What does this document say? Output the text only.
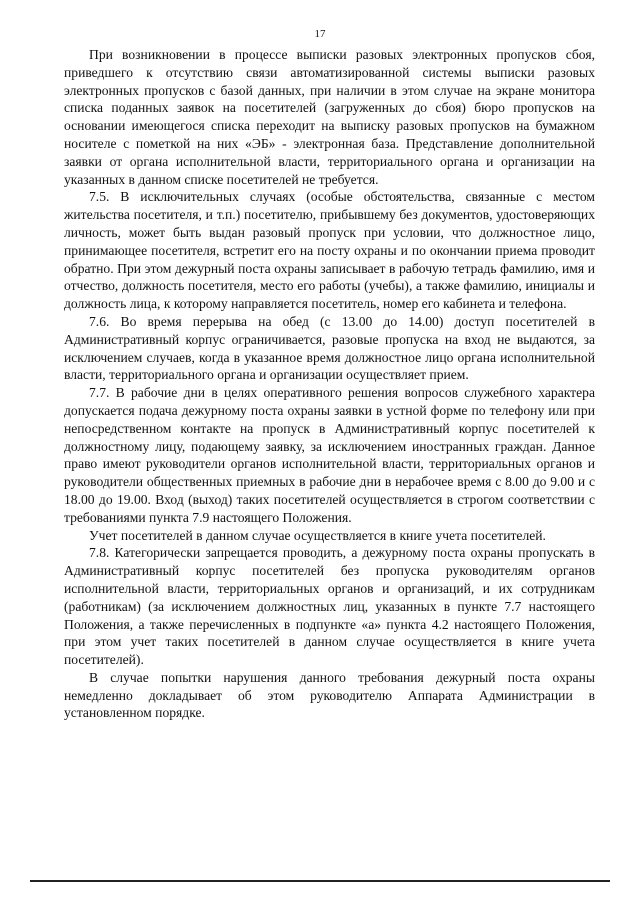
17

При возникновении в процессе выписки разовых электронных пропусков сбоя, приведшего к отсутствию связи автоматизированной системы выписки разовых электронных пропусков с базой данных, при наличии в этом случае на экране монитора списка поданных заявок на посетителей (загруженных до сбоя) бюро пропусков на основании имеющегося списка переходит на выписку разовых пропусков на бумажном носителе с пометкой на них «ЭБ» - электронная база. Представление дополнительной заявки от органа исполнительной власти, территориального органа и организации на указанных в данном списке посетителей не требуется.

7.5. В исключительных случаях (особые обстоятельства, связанные с местом жительства посетителя, и т.п.) посетителю, прибывшему без документов, удостоверяющих личность, может быть выдан разовый пропуск при условии, что должностное лицо, принимающее посетителя, встретит его на посту охраны и по окончании приема проводит обратно. При этом дежурный поста охраны записывает в рабочую тетрадь фамилию, имя и отчество, должность посетителя, место его работы (учебы), а также фамилию, инициалы и должность лица, к которому направляется посетитель, номер его кабинета и телефона.

7.6. Во время перерыва на обед (с 13.00 до 14.00) доступ посетителей в Административный корпус ограничивается, разовые пропуска на вход не выдаются, за исключением случаев, когда в указанное время должностное лицо органа исполнительной власти, территориального органа и организации осуществляет прием.

7.7. В рабочие дни в целях оперативного решения вопросов служебного характера допускается подача дежурному поста охраны заявки в устной форме по телефону или при непосредственном контакте на пропуск в Административный корпус посетителей к должностному лицу, подающему заявку, за исключением иностранных граждан. Данное право имеют руководители органов исполнительной власти, территориальных органов и руководители общественных приемных в рабочие дни в нерабочее время с 8.00 до 9.00 и с 18.00 до 19.00. Вход (выход) таких посетителей осуществляется в строгом соответствии с требованиями пункта 7.9 настоящего Положения.

Учет посетителей в данном случае осуществляется в книге учета посетителей.

7.8. Категорически запрещается проводить, а дежурному поста охраны пропускать в Административный корпус посетителей без пропуска руководителям органов исполнительной власти, территориальных органов и организаций, и их сотрудникам (работникам) (за исключением должностных лиц, указанных в пункте 7.7 настоящего Положения, а также перечисленных в подпункте «а» пункта 4.2 настоящего Положения, при этом учет таких посетителей в данном случае осуществляется в книге учета посетителей).

В случае попытки нарушения данного требования дежурный поста охраны немедленно докладывает об этом руководителю Аппарата Администрации в установленном порядке.
